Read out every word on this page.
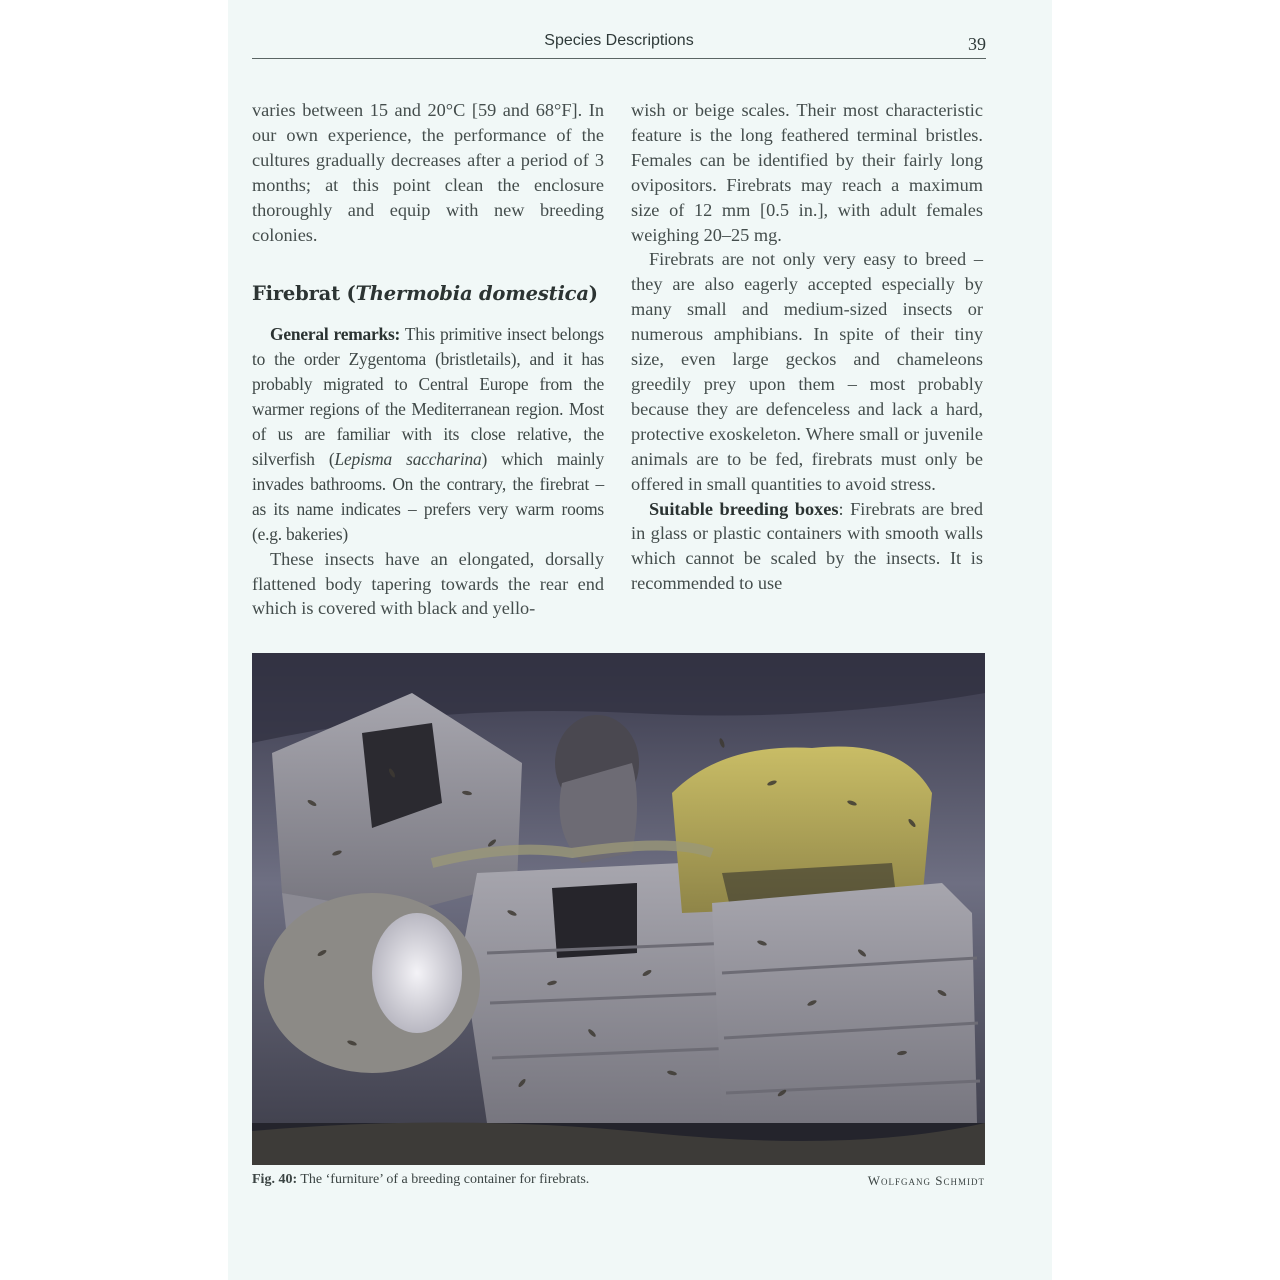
Species Descriptions	39

varies between 15 and 20°C [59 and 68°F]. In our own experience, the performance of the cultures gradually decreases after a period of 3 months; at this point clean the enclosure thoroughly and equip with new breeding colonies.

Firebrat (Thermobia domestica)

General remarks: This primitive insect belongs to the order Zygentoma (bristletails), and it has probably migrated to Central Europe from the warmer regions of the Mediterranean region. Most of us are familiar with its close relative, the silverfish (Lepisma saccharina) which mainly invades bathrooms. On the contrary, the firebrat – as its name indicates – prefers very warm rooms (e.g. bakeries)

These insects have an elongated, dorsally flattened body tapering towards the rear end which is covered with black and yello-

wish or beige scales. Their most characteristic feature is the long feathered terminal bristles. Females can be identified by their fairly long ovipositors. Firebrats may reach a maximum size of 12 mm [0.5 in.], with adult females weighing 20–25 mg.

Firebrats are not only very easy to breed – they are also eagerly accepted especially by many small and medium-sized insects or numerous amphibians. In spite of their tiny size, even large geckos and chameleons greedily prey upon them – most probably because they are defenceless and lack a hard, protective exoskeleton. Where small or juvenile animals are to be fed, firebrats must only be offered in small quantities to avoid stress.

Suitable breeding boxes: Firebrats are bred in glass or plastic containers with smooth walls which cannot be scaled by the insects. It is recommended to use

Fig. 40: The ‘furniture’ of a breeding container for firebrats.	Wolfgang Schmidt
